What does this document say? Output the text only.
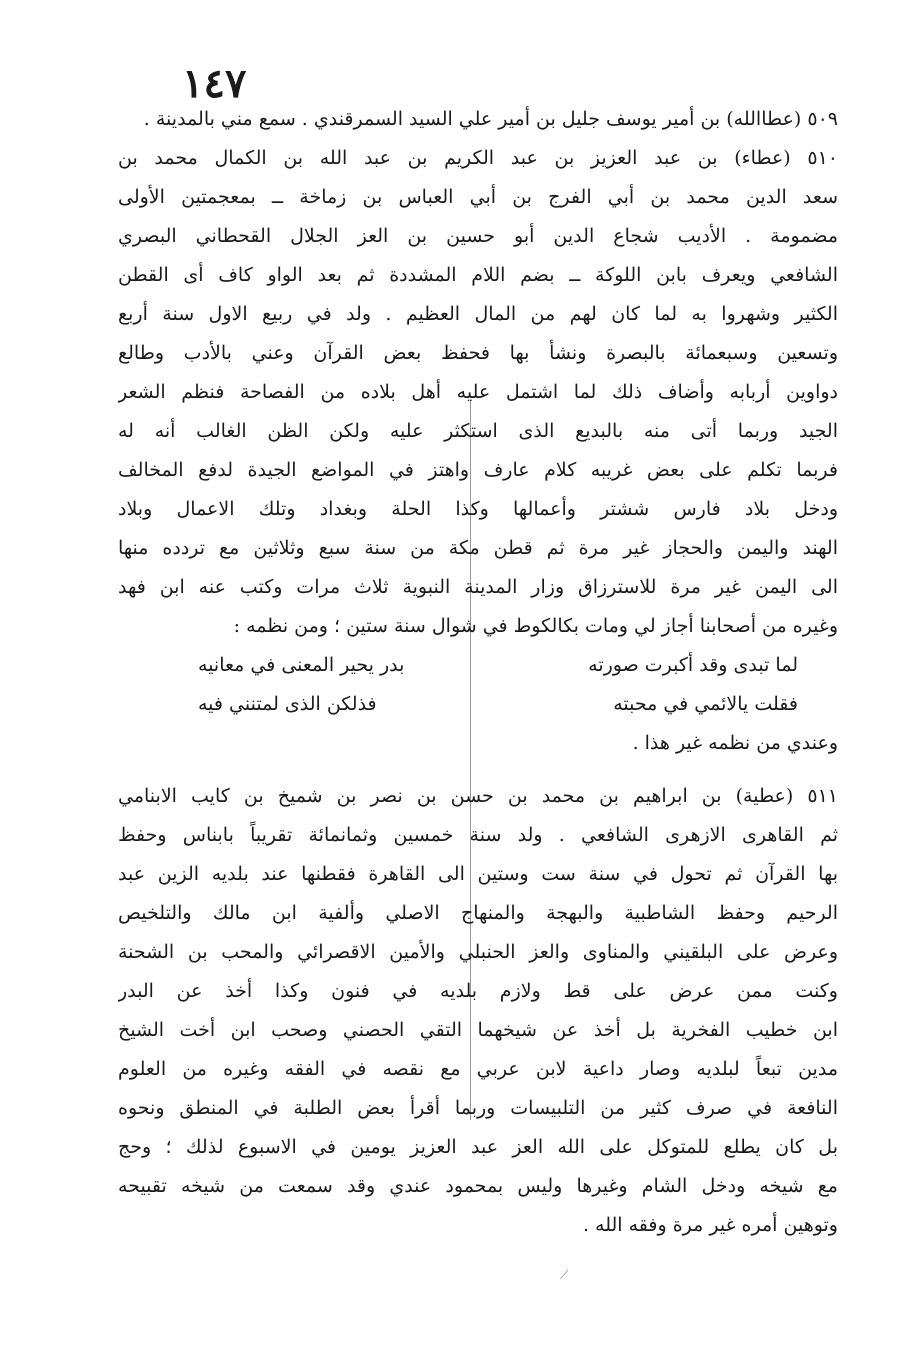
١٤٧
٥٠٩ (عطاالله) بن أمير يوسف جليل بن أمير علي السيد السمرقندي . سمع مني بالمدينة .
٥١٠ (عطاء) بن عبد العزيز بن عبد الكريم بن عبد الله بن الكمال محمد بن
سعد الدين محمد بن أبي الفرج بن أبي العباس بن زماخة ــ بمعجمتين الأولى
مضمومة . الأديب شجاع الدين أبو حسين بن العز الجلال القحطاني البصري
الشافعي ويعرف بابن اللوكة ــ بضم اللام المشددة ثم بعد الواو كاف أى القطن
الكثير وشهروا به لما كان لهم من المال العظيم . ولد في ربيع الاول سنة أربع
وتسعين وسبعمائة بالبصرة ونشأ بها فحفظ بعض القرآن وعني بالأدب وطالع
دواوين أربابه وأضاف ذلك لما اشتمل عليه أهل بلاده من الفصاحة فنظم الشعر
الجيد وربما أتى منه بالبديع الذى استكثر عليه ولكن الظن الغالب أنه له
فربما تكلم على بعض غريبه كلام عارف واهتز في المواضع الجيدة لدفع المخالف
ودخل بلاد فارس ششتر وأعمالها وكذا الحلة وبغداد وتلك الاعمال وبلاد
الهند واليمن والحجاز غير مرة ثم قطن مكة من سنة سبع وثلاثين مع تردده منها
الى اليمن غير مرة للاسترزاق وزار المدينة النبوية ثلاث مرات وكتب عنه ابن فهد
وغيره من أصحابنا أجاز لي ومات بكالكوط في شوال سنة ستين ؛ ومن نظمه :
لما تبدى وقد أكبرت صورته
بدر يحير المعنى في معانيه
فقلت يالائمي في محبته
فذلكن الذى لمتنني فيه
وعندي من نظمه غير هذا .
٥١١ (عطية) بن ابراهيم بن محمد بن حسن بن نصر بن شميخ بن كايب الابنامي
ثم القاهرى الازهرى الشافعي . ولد سنة خمسين وثمانمائة تقريباً بابناس وحفظ
بها القرآن ثم تحول في سنة ست وستين الى القاهرة فقطنها عند بلديه الزين عبد
الرحيم وحفظ الشاطبية والبهجة والمنهاج الاصلي وألفية ابن مالك والتلخيص
وعرض على البلقيني والمناوى والعز الحنبلي والأمين الاقصرائي والمحب بن الشحنة
وكنت ممن عرض على قط ولازم بلديه في فنون وكذا أخذ عن البدر
ابن خطيب الفخرية بل أخذ عن شيخهما التقي الحصني وصحب ابن أخت الشيخ
مدين تبعاً لبلديه وصار داعية لابن عربي مع نقصه في الفقه وغيره من العلوم
النافعة في صرف كثير من التلبيسات وربما أقرأ بعض الطلبة في المنطق ونحوه
بل كان يطلع للمتوكل على الله العز عبد العزيز يومين في الاسبوع لذلك ؛ وحج
مع شيخه ودخل الشام وغيرها وليس بمحمود عندي وقد سمعت من شيخه تقبيحه
وتوهين أمره غير مرة وفقه الله .
⟋
